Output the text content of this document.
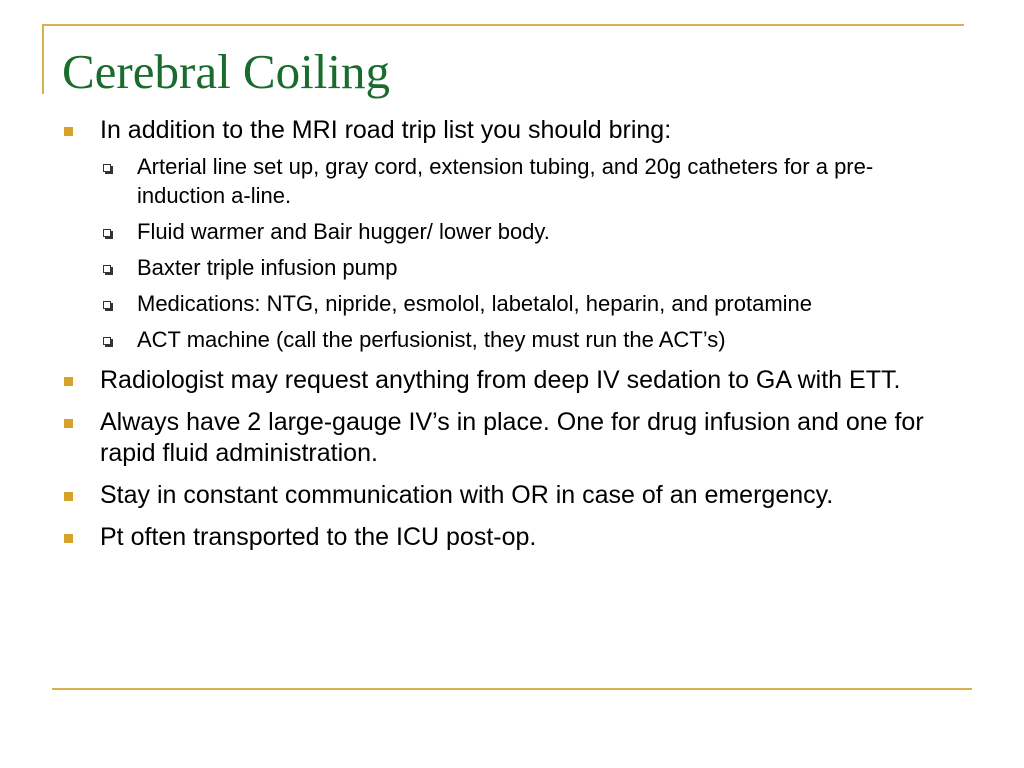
Cerebral Coiling
In addition to the MRI road trip list you should bring:
Arterial line set up, gray cord, extension tubing, and 20g catheters for a pre-induction a-line.
Fluid warmer and Bair hugger/ lower body.
Baxter triple infusion pump
Medications: NTG, nipride, esmolol, labetalol, heparin, and protamine
ACT machine (call the perfusionist, they must run the ACT’s)
Radiologist may request anything from deep IV sedation to GA with ETT.
Always have 2 large-gauge IV’s in place. One for drug infusion and one for rapid fluid administration.
Stay in constant communication with OR in case of an emergency.
Pt often transported to the ICU post-op.
